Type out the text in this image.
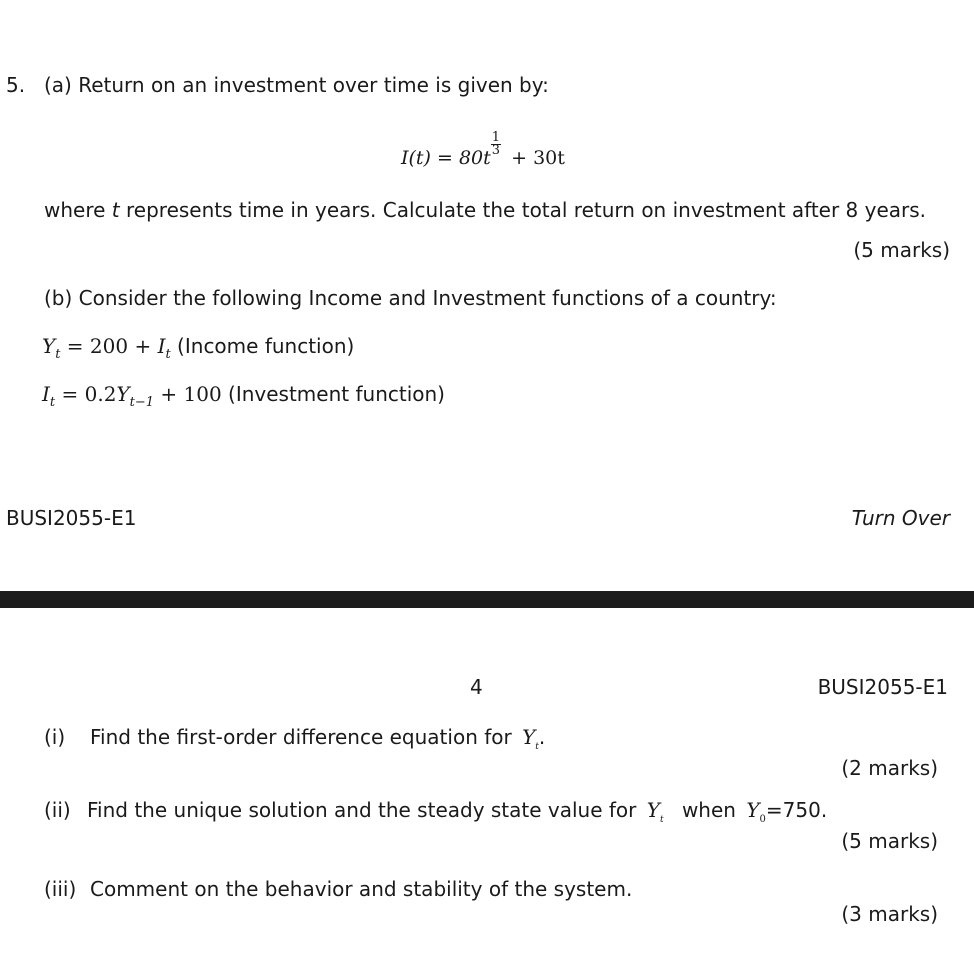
5. (a) Return on an investment over time is given by:
I(t) = 80t
$\frac{1}{3}$
+ 30t
where t represents time in years. Calculate the total return on investment after 8 years.
(5 marks)
(b) Consider the following Income and Investment functions of a country:
$Y_t = 200 + I_t$ (Income function)
$I_t = 0.2Y_{t-1} + 100$ (Investment function)
BUSI2055-E1	Turn Over
4	BUSI2055-E1
(i) Find the first-order difference equation for $Y_t$.
(2 marks)
(ii) Find the unique solution and the steady state value for $Y_t$ when $Y_0=750$.
(5 marks)
(iii) Comment on the behavior and stability of the system.
(3 marks)
